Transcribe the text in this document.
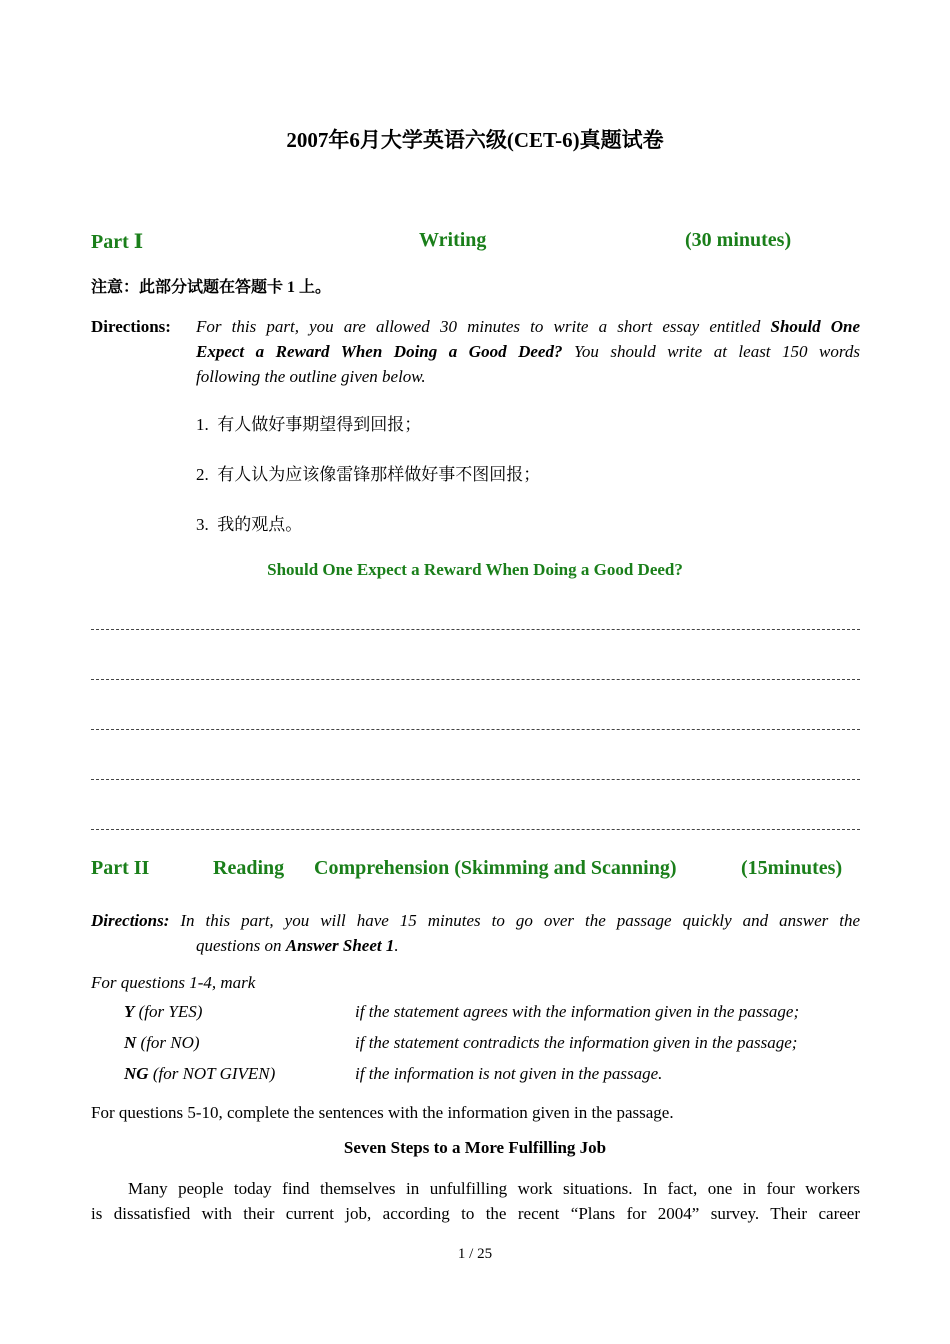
2007年6月大学英语六级(CET-6)真题试卷
Part Ⅰ	Writing	(30 minutes)
注意：此部分试题在答题卡 1 上。
Directions: For this part, you are allowed 30 minutes to write a short essay entitled Should One
Expect a Reward When Doing a Good Deed? You should write at least 150 words
following the outline given below.
1. 有人做好事期望得到回报；
2. 有人认为应该像雷锋那样做好事不图回报；
3. 我的观点。
Should One Expect a Reward When Doing a Good Deed?
Part II	Reading Comprehension (Skimming and Scanning)	(15minutes)
Directions: In this part, you will have 15 minutes to go over the passage quickly and answer the
questions on Answer Sheet 1.
For questions 1-4, mark
Y (for YES)	if the statement agrees with the information given in the passage;
N (for NO)	if the statement contradicts the information given in the passage;
NG (for NOT GIVEN)	if the information is not given in the passage.
For questions 5-10, complete the sentences with the information given in the passage.
Seven Steps to a More Fulfilling Job
Many people today find themselves in unfulfilling work situations. In fact, one in four workers
is dissatisfied with their current job, according to the recent “Plans for 2004” survey. Their career
1 / 25
